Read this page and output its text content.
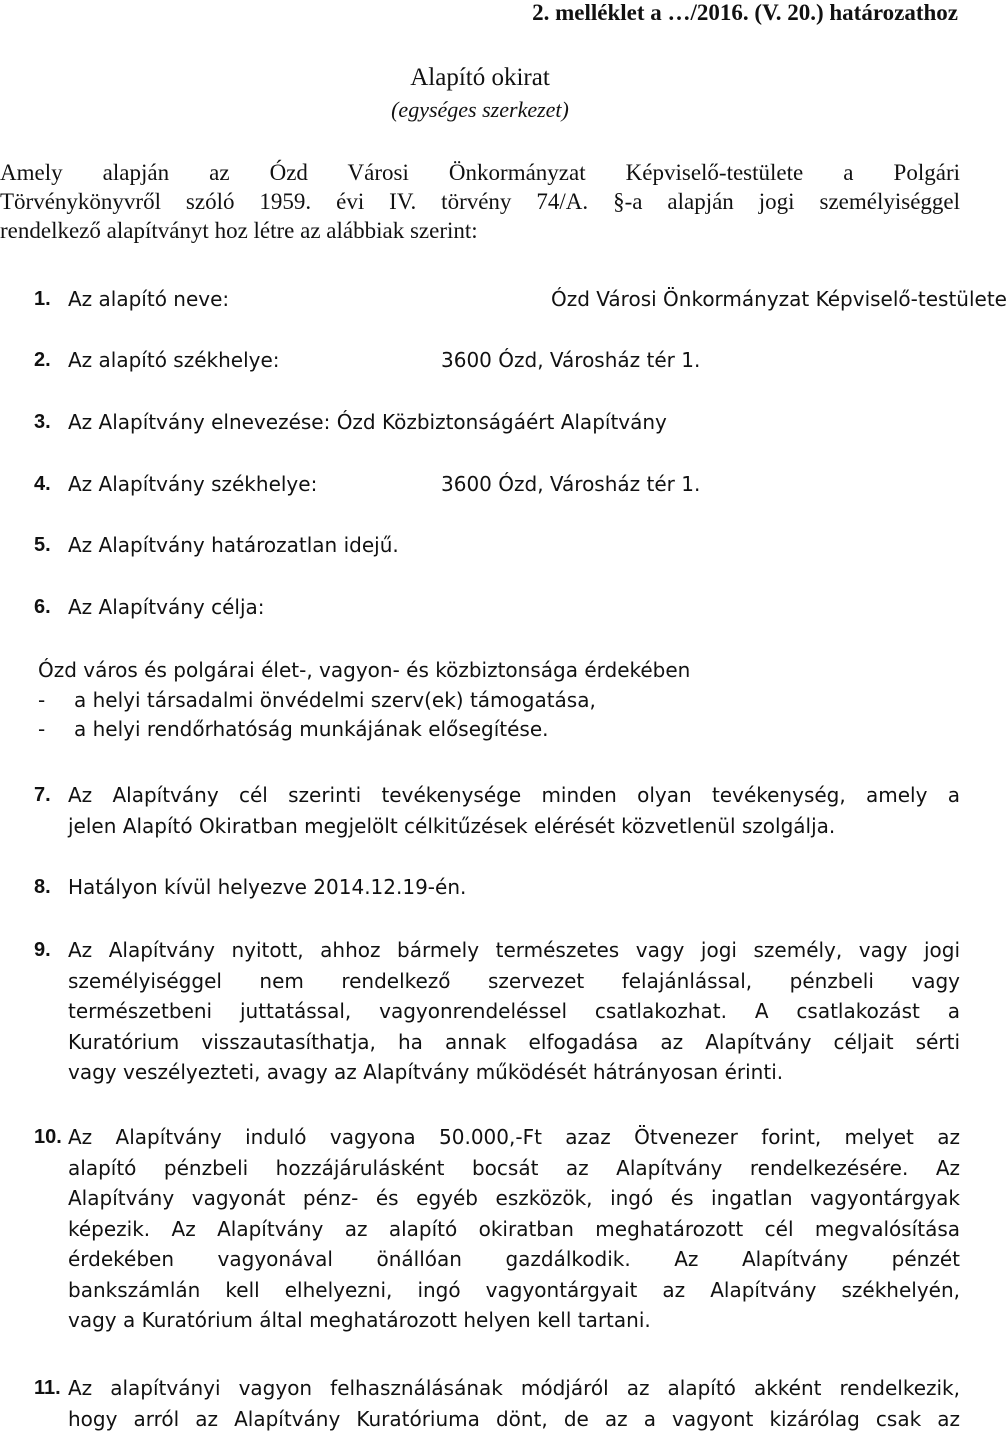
2. melléklet a …/2016. (V. 20.) határozathoz
Alapító okirat
(egységes szerkezet)
Amely alapján az Ózd Városi Önkormányzat Képviselő-testülete a Polgári
Törvénykönyvről szóló 1959. évi IV. törvény 74/A. §-a alapján jogi személyiséggel
rendelkező alapítványt hoz létre az alábbiak szerint:
1. Az alapító neve:	Ózd Városi Önkormányzat Képviselő-testülete
2. Az alapító székhelye:	3600 Ózd, Városház tér 1.
3. Az Alapítvány elnevezése: Ózd Közbiztonságáért Alapítvány
4. Az Alapítvány székhelye:	3600 Ózd, Városház tér 1.
5. Az Alapítvány határozatlan idejű.
6. Az Alapítvány célja:
Ózd város és polgárai élet-, vagyon- és közbiztonsága érdekében
- a helyi társadalmi önvédelmi szerv(ek) támogatása,
- a helyi rendőrhatóság munkájának elősegítése.
7. Az Alapítvány cél szerinti tevékenysége minden olyan tevékenység, amely a
jelen Alapító Okiratban megjelölt célkitűzések elérését közvetlenül szolgálja.
8. Hatályon kívül helyezve 2014.12.19-én.
9. Az Alapítvány nyitott, ahhoz bármely természetes vagy jogi személy, vagy jogi
személyiséggel nem rendelkező szervezet felajánlással, pénzbeli vagy
természetbeni juttatással, vagyonrendeléssel csatlakozhat. A csatlakozást a
Kuratórium visszautasíthatja, ha annak elfogadása az Alapítvány céljait sérti
vagy veszélyezteti, avagy az Alapítvány működését hátrányosan érinti.
10. Az Alapítvány induló vagyona 50.000,-Ft azaz Ötvenezer forint, melyet az
alapító pénzbeli hozzájárulásként bocsát az Alapítvány rendelkezésére. Az
Alapítvány vagyonát pénz- és egyéb eszközök, ingó és ingatlan vagyontárgyak
képezik. Az Alapítvány az alapító okiratban meghatározott cél megvalósítása
érdekében vagyonával önállóan gazdálkodik. Az Alapítvány pénzét
bankszámlán kell elhelyezni, ingó vagyontárgyait az Alapítvány székhelyén,
vagy a Kuratórium által meghatározott helyen kell tartani.
11. Az alapítványi vagyon felhasználásának módjáról az alapító akként rendelkezik,
hogy arról az Alapítvány Kuratóriuma dönt, de az a vagyont kizárólag csak az
